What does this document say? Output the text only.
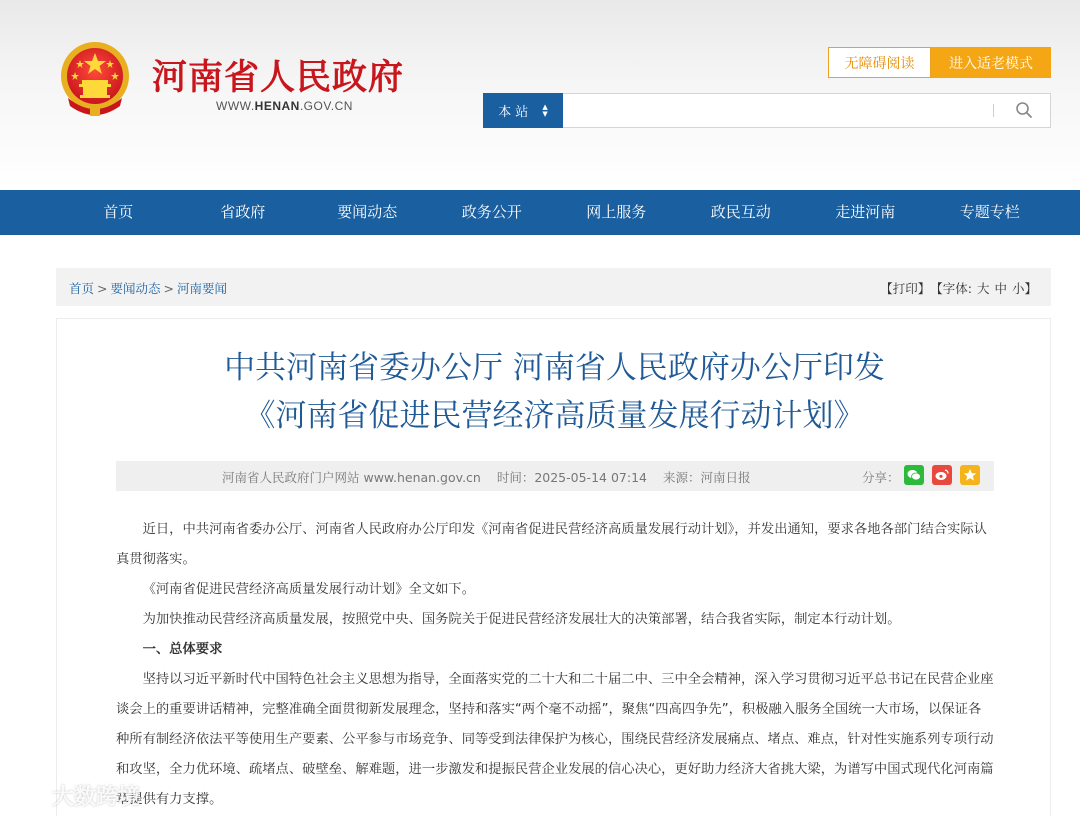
河南省人民政府
WWW.HENAN.GOV.CN
无障碍阅读	进入适老模式
本站 ▲
▼
首页	省政府	要闻动态	政务公开	网上服务	政民互动	走进河南	专题专栏
首页 > 要闻动态 > 河南要闻	【打印】 【字体: 大 中 小 】
中共河南省委办公厅 河南省人民政府办公厅印发
《河南省促进民营经济高质量发展行动计划》
河南省人民政府门户网站 www.henan.gov.cn 时间：2025-05-14 07:14 来源：河南日报	分享：

近日，中共河南省委办公厅、河南省人民政府办公厅印发《河南省促进民营经济高质量发展行动计划》，并发出通知，要求各地各部门结合实际认真贯彻落实。

《河南省促进民营经济高质量发展行动计划》全文如下。

为加快推动民营经济高质量发展，按照党中央、国务院关于促进民营经济发展壮大的决策部署，结合我省实际，制定本行动计划。

一、总体要求

坚持以习近平新时代中国特色社会主义思想为指导，全面落实党的二十大和二十届二中、三中全会精神，深入学习贯彻习近平总书记在民营企业座谈会上的重要讲话精神，完整准确全面贯彻新发展理念，坚持和落实“两个毫不动摇”，聚焦“四高四争先”，积极融入服务全国统一大市场，以保证各种所有制经济依法平等使用生产要素、公平参与市场竞争、同等受到法律保护为核心，围绕民营经济发展痛点、堵点、难点，针对性实施系列专项行动和攻坚，全力优环境、疏堵点、破壁垒、解难题，进一步激发和提振民营企业发展的信心决心，更好助力经济大省挑大梁，为谱写中国式现代化河南篇章提供有力支撑。

大数跨境
